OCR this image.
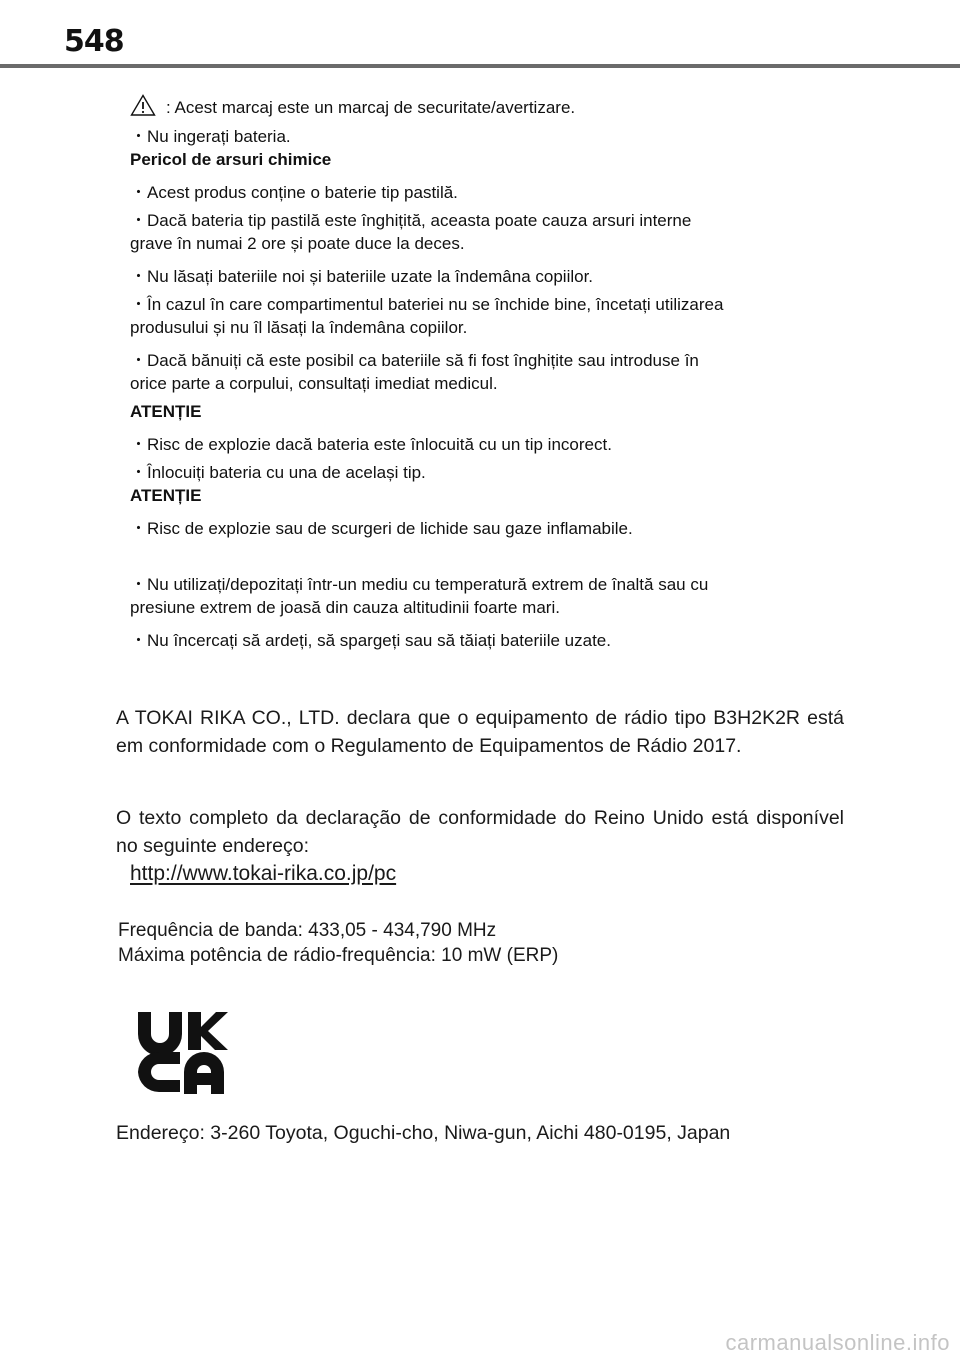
548
: Acest marcaj este un marcaj de securitate/avertizare.
・Nu ingerați bateria.
Pericol de arsuri chimice
・Acest produs conține o baterie tip pastilă.
・Dacă bateria tip pastilă este înghițită, aceasta poate cauza arsuri interne
grave în numai 2 ore și poate duce la deces.
・Nu lăsați bateriile noi și bateriile uzate la îndemâna copiilor.
・În cazul în care compartimentul bateriei nu se închide bine, încetați utilizarea
produsului și nu îl lăsați la îndemâna copiilor.
・Dacă bănuiți că este posibil ca bateriile să fi fost înghițite sau introduse în
orice parte a corpului, consultați imediat medicul.
ATENȚIE
・Risc de explozie dacă bateria este înlocuită cu un tip incorect.
・Înlocuiți bateria cu una de același tip.
ATENȚIE
・Risc de explozie sau de scurgeri de lichide sau gaze inflamabile.
・Nu utilizați/depozitați într-un mediu cu temperatură extrem de înaltă sau cu
presiune extrem de joasă din cauza altitudinii foarte mari.
・Nu încercați să ardeți, să spargeți sau să tăiați bateriile uzate.

A TOKAI RIKA CO., LTD. declara que o equipamento de rádio tipo B3H2K2R está em conformidade com o Regulamento de Equipamentos de Rádio 2017.

O texto completo da declaração de conformidade do Reino Unido está disponível no seguinte endereço:

http://www.tokai-rika.co.jp/pc
Frequência de banda: 433,05 - 434,790 MHz
Máxima potência de rádio-frequência: 10 mW (ERP)
Endereço: 3-260 Toyota, Oguchi-cho, Niwa-gun, Aichi 480-0195, Japan
carmanualsonline.info
